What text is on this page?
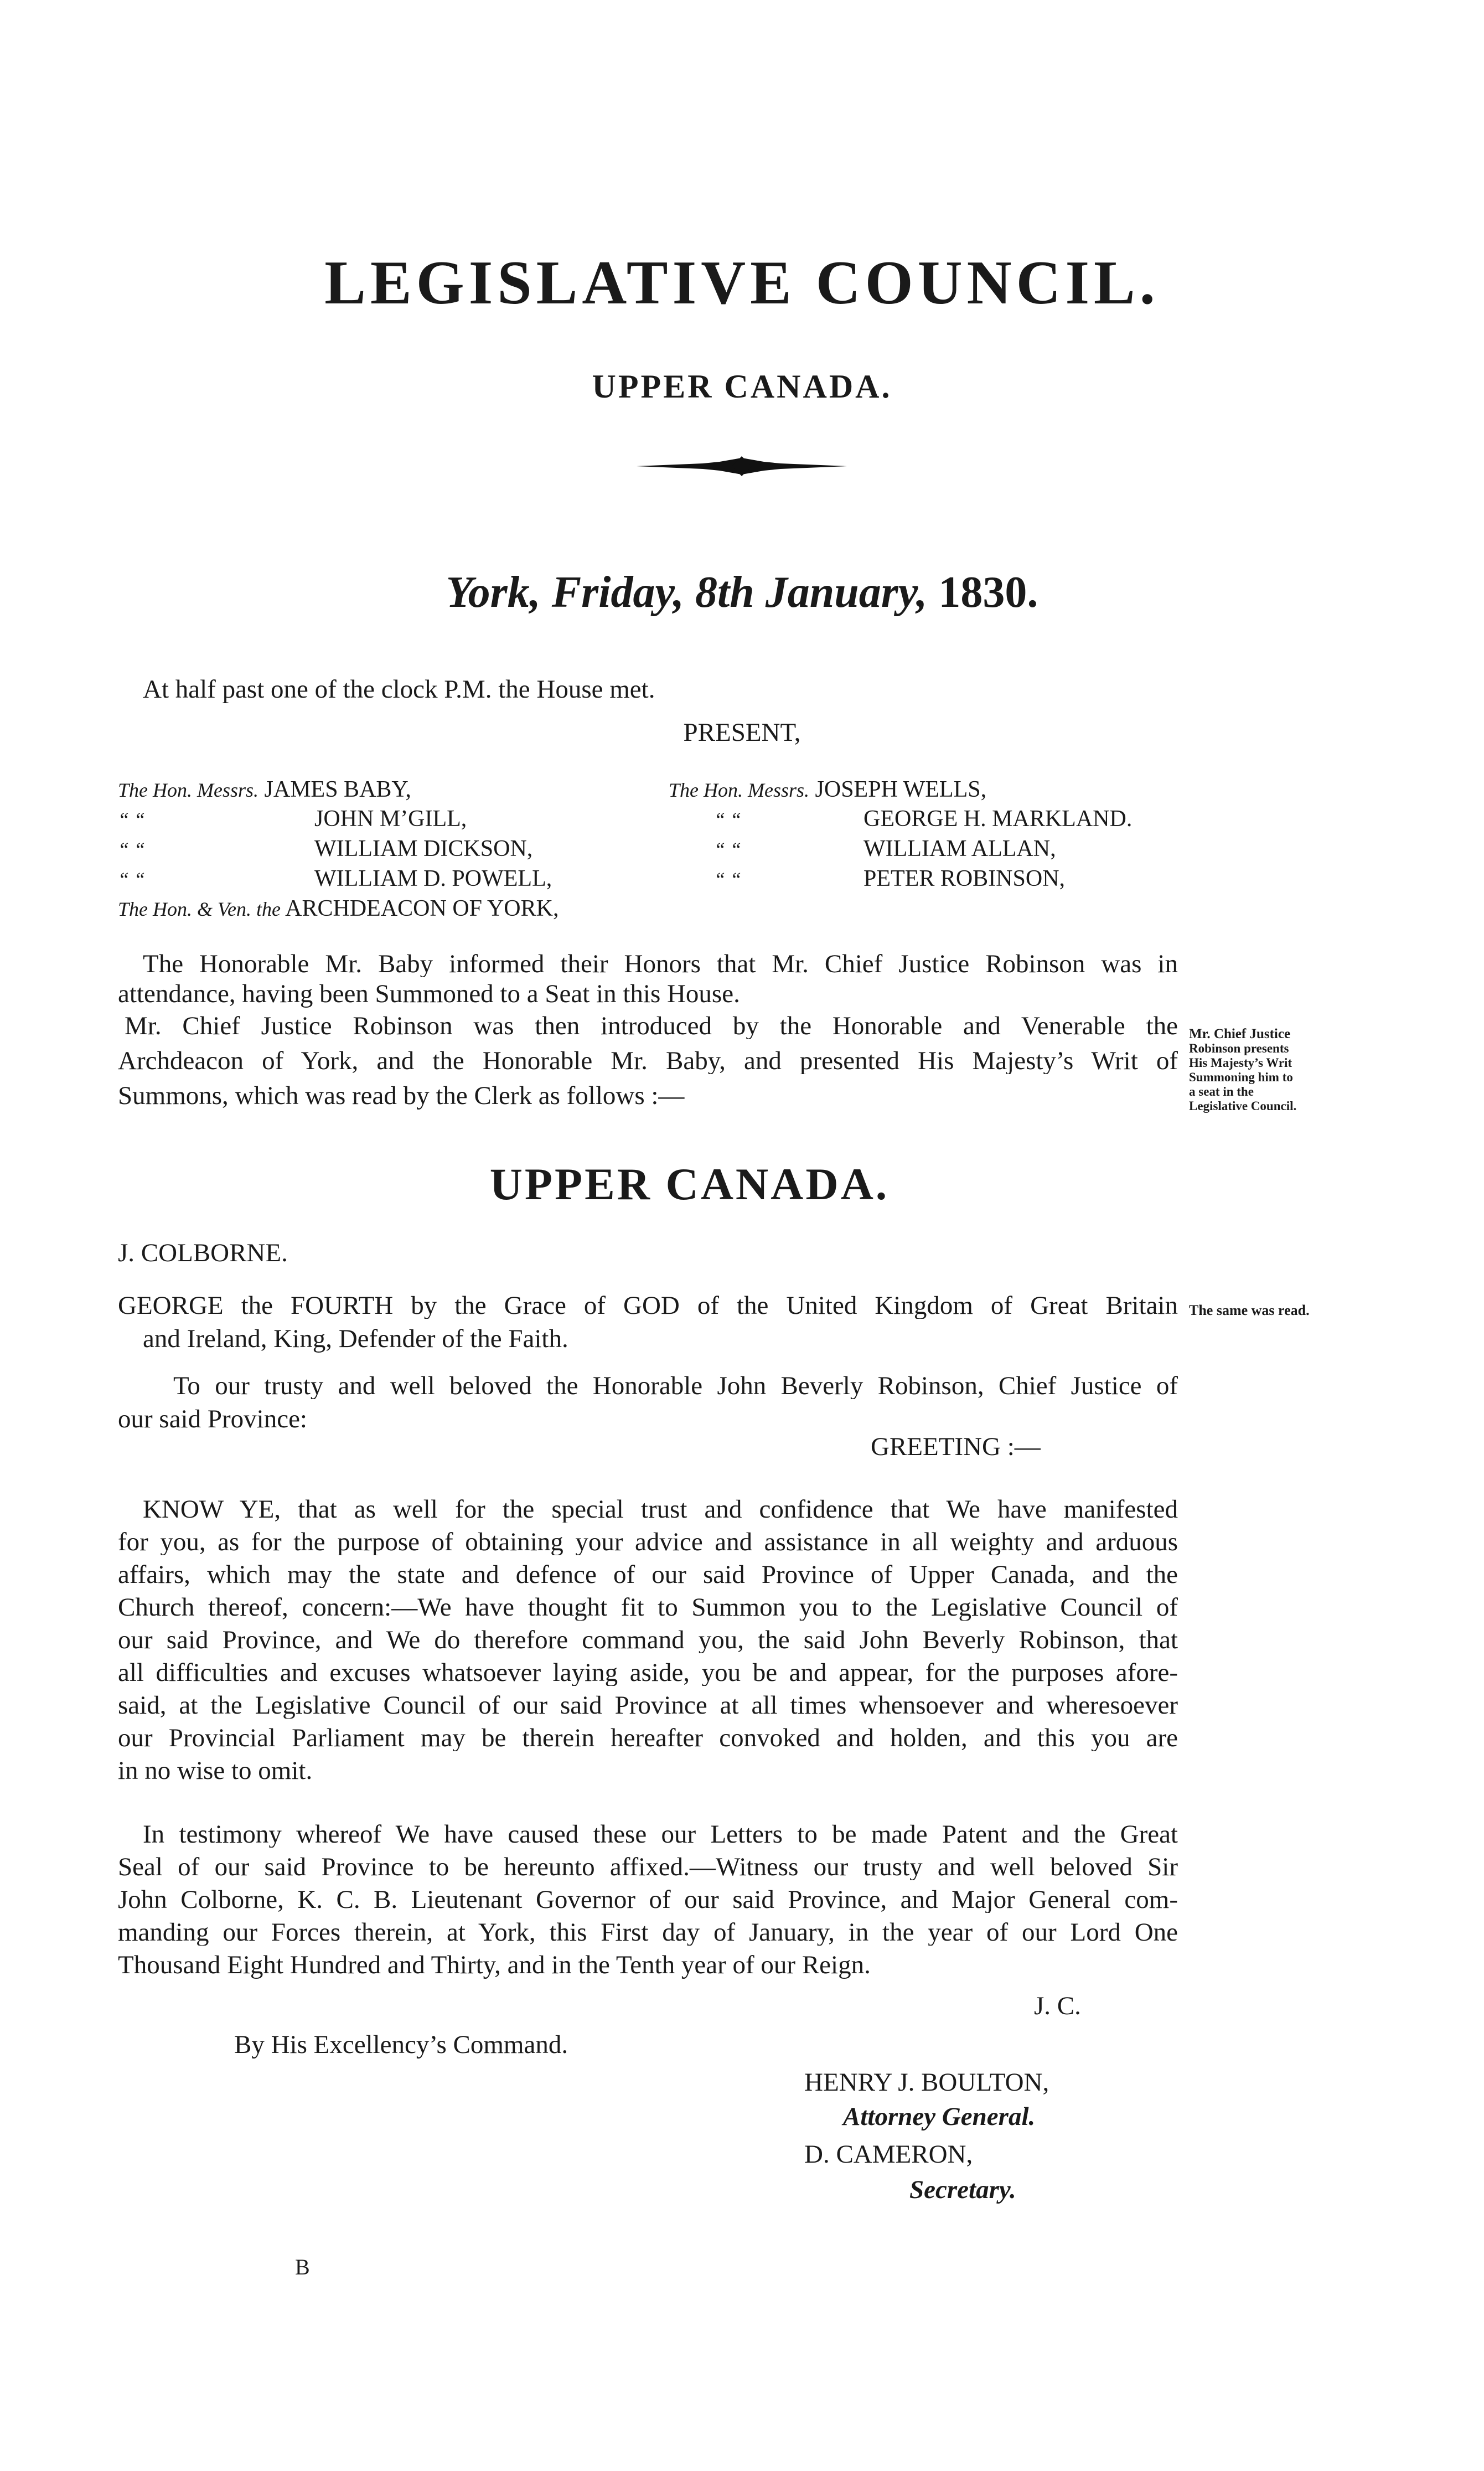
LEGISLATIVE COUNCIL.
UPPER CANADA.
York, Friday, 8th January, 1830.
At half past one of the clock P.M. the House met.
PRESENT,
The Hon. Messrs. JAMES BABY,
“ “	JOHN M’GILL,
“ “	WILLIAM DICKSON,
“ “	WILLIAM D. POWELL,
The Hon. & Ven. the ARCHDEACON OF YORK,
The Hon. Messrs. JOSEPH WELLS,
“ “	GEORGE H. MARKLAND.
“ “	WILLIAM ALLAN,
“ “	PETER ROBINSON,
The Honorable Mr. Baby informed their Honors that Mr. Chief Justice Robinson was in
attendance, having been Summoned to a Seat in this House.
Mr. Chief Justice Robinson was then introduced by the Honorable and Venerable the
Archdeacon of York, and the Honorable Mr. Baby, and presented His Majesty’s Writ of
Summons, which was read by the Clerk as follows :—
Mr. Chief Justice
Robinson presents
His Majesty’s Writ
Summoning him to
a seat in the
Legislative Council.
UPPER CANADA.
J. COLBORNE.
GEORGE the FOURTH by the Grace of GOD of the United Kingdom of Great Britain
and Ireland, King, Defender of the Faith.
The same was read.
To our trusty and well beloved the Honorable John Beverly Robinson, Chief Justice of
our said Province:
GREETING :—
KNOW YE, that as well for the special trust and confidence that We have manifested
for you, as for the purpose of obtaining your advice and assistance in all weighty and arduous
affairs, which may the state and defence of our said Province of Upper Canada, and the
Church thereof, concern:—We have thought fit to Summon you to the Legislative Council of
our said Province, and We do therefore command you, the said John Beverly Robinson, that
all difficulties and excuses whatsoever laying aside, you be and appear, for the purposes afore-
said, at the Legislative Council of our said Province at all times whensoever and wheresoever
our Provincial Parliament may be therein hereafter convoked and holden, and this you are
in no wise to omit.
In testimony whereof We have caused these our Letters to be made Patent and the Great
Seal of our said Province to be hereunto affixed.—Witness our trusty and well beloved Sir
John Colborne, K. C. B. Lieutenant Governor of our said Province, and Major General com-
manding our Forces therein, at York, this First day of January, in the year of our Lord One
Thousand Eight Hundred and Thirty, and in the Tenth year of our Reign.
J. C.
By His Excellency’s Command.
HENRY J. BOULTON,
Attorney General.
D. CAMERON,
Secretary.
B
